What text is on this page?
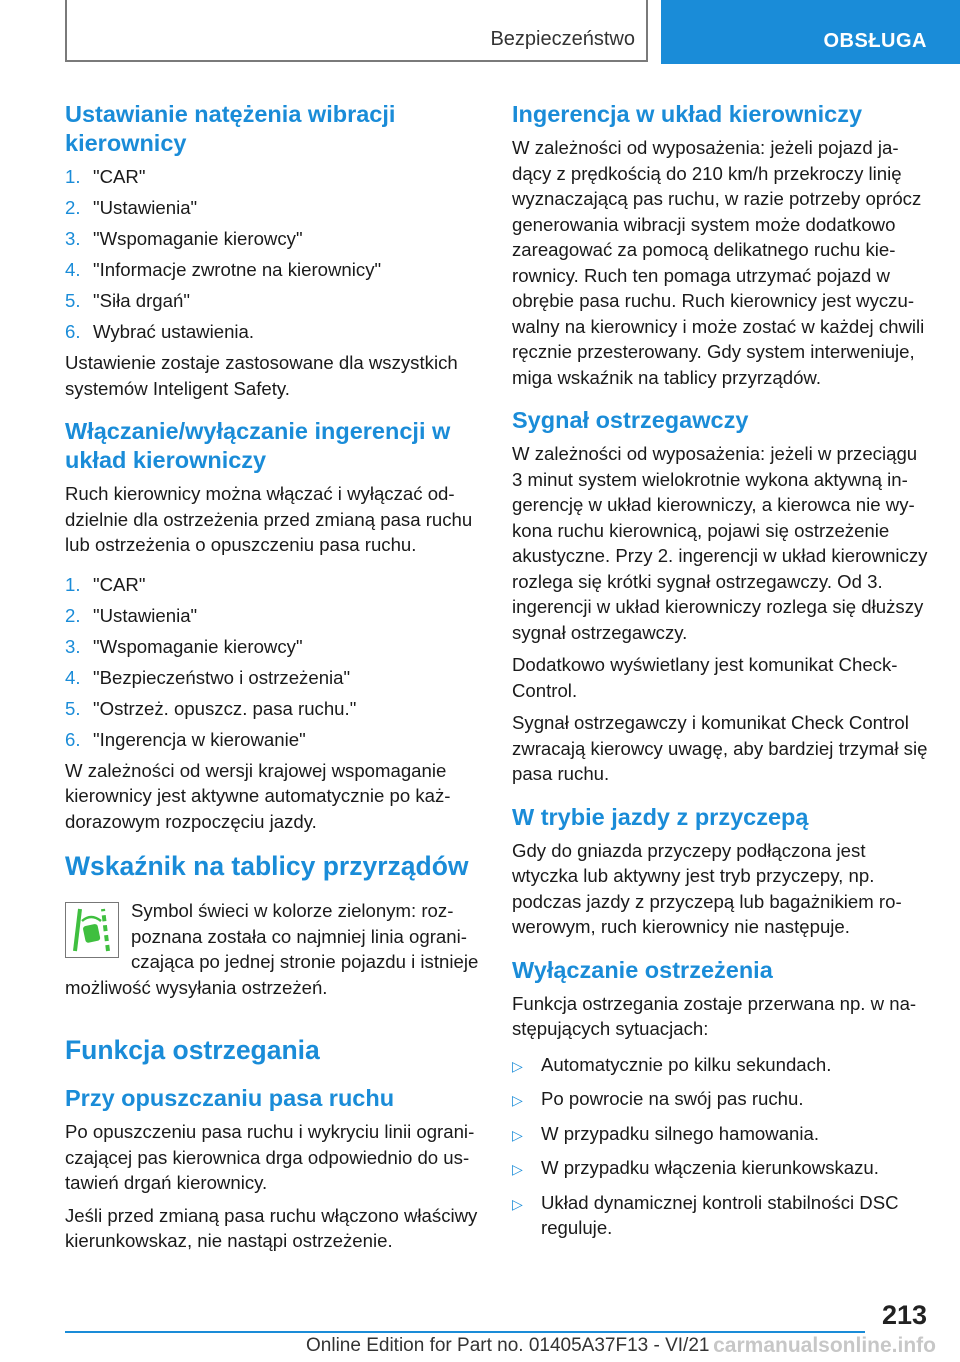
Bezpieczeństwo	OBSŁUGA
Ustawianie natężenia wibracji kierownicy
1. "CAR"
2. "Ustawienia"
3. "Wspomaganie kierowcy"
4. "Informacje zwrotne na kierownicy"
5. "Siła drgań"
6. Wybrać ustawienia.

Ustawienie zostaje zastosowane dla wszystkich systemów Inteligent Safety.

Włączanie/wyłączanie ingerencji w układ kierowniczy

Ruch kierownicy można włączać i wyłączać oddzielnie dla ostrzeżenia przed zmianą pasa ruchu lub ostrzeżenia o opuszczeniu pasa ruchu.

1. "CAR"
2. "Ustawienia"
3. "Wspomaganie kierowcy"
4. "Bezpieczeństwo i ostrzeżenia"
5. "Ostrzeż. opuszcz. pasa ruchu."
6. "Ingerencja w kierowanie"

W zależności od wersji krajowej wspomaganie kierownicy jest aktywne automatycznie po każdorazowym rozpoczęciu jazdy.

Wskaźnik na tablicy przyrządów

Symbol świeci w kolorze zielonym: rozpoznana została co najmniej linia ograniczająca po jednej stronie pojazdu i istnieje możliwość wysyłania ostrzeżeń.

Funkcja ostrzegania
Przy opuszczaniu pasa ruchu

Po opuszczeniu pasa ruchu i wykryciu linii ograniczającej pas kierownica drga odpowiednio do ustawień drgań kierownicy.

Jeśli przed zmianą pasa ruchu włączono właściwy kierunkowskaz, nie nastąpi ostrzeżenie.

Ingerencja w układ kierowniczy

W zależności od wyposażenia: jeżeli pojazd jadący z prędkością do 210 km/h przekroczy linię wyznaczającą pas ruchu, w razie potrzeby oprócz generowania wibracji system może dodatkowo zareagować za pomocą delikatnego ruchu kierownicy. Ruch ten pomaga utrzymać pojazd w obrębie pasa ruchu. Ruch kierownicy jest wyczuwalny na kierownicy i może zostać w każdej chwili ręcznie przesterowany. Gdy system interweniuje, miga wskaźnik na tablicy przyrządów.

Sygnał ostrzegawczy

W zależności od wyposażenia: jeżeli w przeciągu 3 minut system wielokrotnie wykona aktywną ingerencję w układ kierowniczy, a kierowca nie wykona ruchu kierownicą, pojawi się ostrzeżenie akustyczne. Przy 2. ingerencji w układ kierowniczy rozlega się krótki sygnał ostrzegawczy. Od 3. ingerencji w układ kierowniczy rozlega się dłuższy sygnał ostrzegawczy.

Dodatkowo wyświetlany jest komunikat Check-Control.

Sygnał ostrzegawczy i komunikat Check Control zwracają kierowcy uwagę, aby bardziej trzymał się pasa ruchu.

W trybie jazdy z przyczepą

Gdy do gniazda przyczepy podłączona jest wtyczka lub aktywny jest tryb przyczepy, np. podczas jazdy z przyczepą lub bagażnikiem rowerowym, ruch kierownicy nie następuje.

Wyłączanie ostrzeżenia

Funkcja ostrzegania zostaje przerwana np. w następujących sytuacjach:

▷ Automatycznie po kilku sekundach.
▷ Po powrocie na swój pas ruchu.
▷ W przypadku silnego hamowania.
▷ W przypadku włączenia kierunkowskazu.
▷ Układ dynamicznej kontroli stabilności DSC reguluje.
213
Online Edition for Part no. 01405A37F13 - VI/21 carmanualsonline.info
